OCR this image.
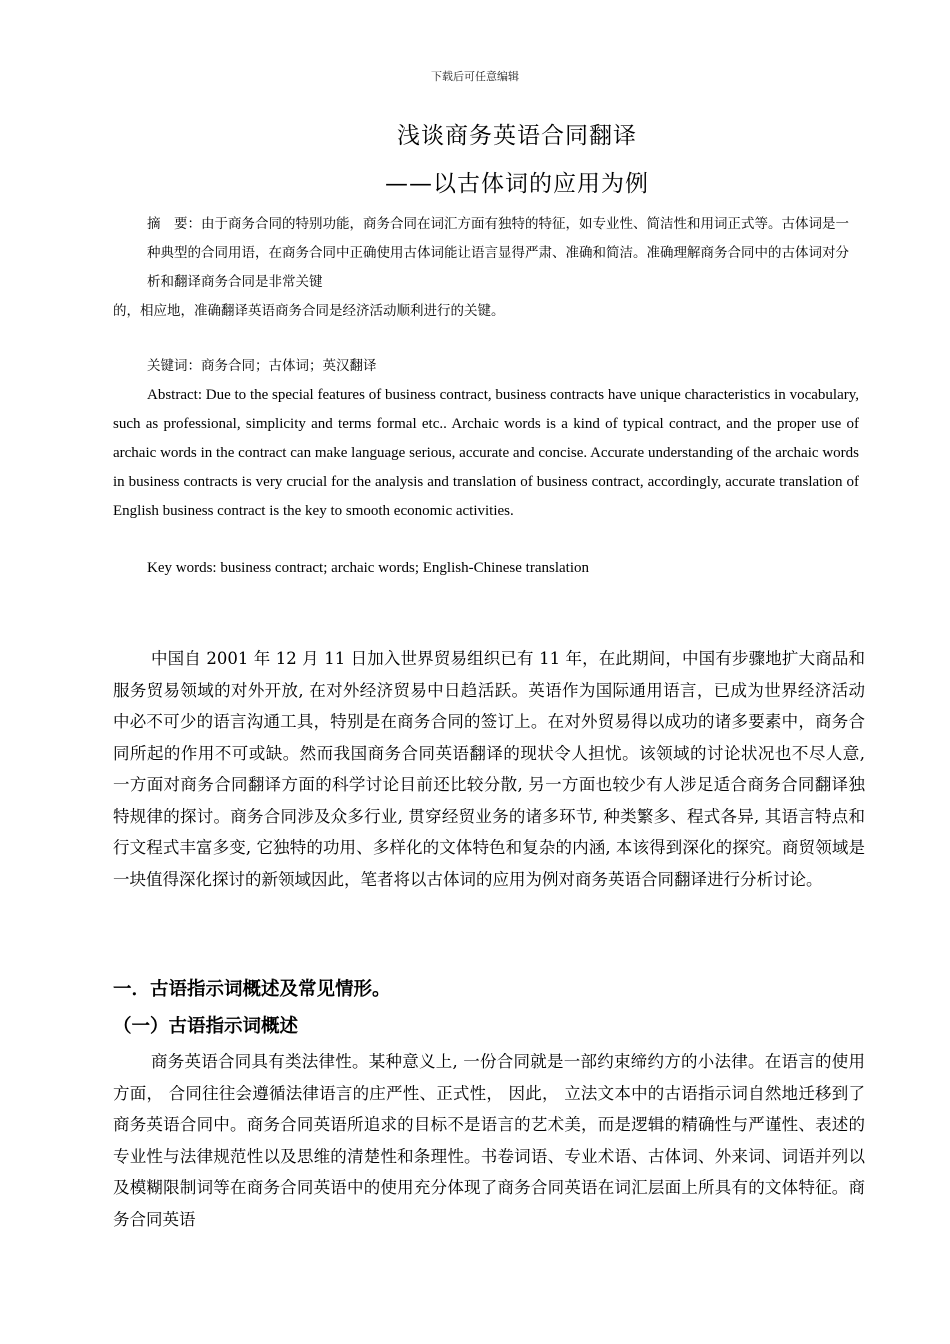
下载后可任意编辑
浅谈商务英语合同翻译
——以古体词的应用为例
摘　要：由于商务合同的特别功能，商务合同在词汇方面有独特的特征，如专业性、简洁性和用词正式等。古体词是一种典型的合同用语，在商务合同中正确使用古体词能让语言显得严肃、准确和简洁。准确理解商务合同中的古体词对分析和翻译商务合同是非常关键
的，相应地，准确翻译英语商务合同是经济活动顺利进行的关键。
关键词：商务合同；古体词；英汉翻译

Abstract: Due to the special features of business contract, business contracts have unique characteristics in vocabulary, such as professional, simplicity and terms formal etc.. Archaic words is a kind of typical contract, and the proper use of archaic words in the contract can make language serious, accurate and concise. Accurate understanding of the archaic words in business contracts is very crucial for the analysis and translation of business contract, accordingly, accurate translation of English business contract is the key to smooth economic activities.

Key words: business contract; archaic words; English-Chinese translation

中国自 2001 年 12 月 11 日加入世界贸易组织已有 11 年，在此期间，中国有步骤地扩大商品和服务贸易领域的对外开放, 在对外经济贸易中日趋活跃。英语作为国际通用语言，已成为世界经济活动中必不可少的语言沟通工具，特别是在商务合同的签订上。在对外贸易得以成功的诸多要素中，商务合同所起的作用不可或缺。然而我国商务合同英语翻译的现状令人担忧。该领域的讨论状况也不尽人意, 一方面对商务合同翻译方面的科学讨论目前还比较分散, 另一方面也较少有人涉足适合商务合同翻译独特规律的探讨。商务合同涉及众多行业, 贯穿经贸业务的诸多环节, 种类繁多、程式各异, 其语言特点和行文程式丰富多变, 它独特的功用、多样化的文体特色和复杂的内涵, 本该得到深化的探究。商贸领域是一块值得深化探讨的新领域因此，笔者将以古体词的应用为例对商务英语合同翻译进行分析讨论。

一．古语指示词概述及常见情形。
（一）古语指示词概述

商务英语合同具有类法律性。某种意义上, 一份合同就是一部约束缔约方的小法律。在语言的使用方面， 合同往往会遵循法律语言的庄严性、正式性， 因此， 立法文本中的古语指示词自然地迁移到了商务英语合同中。商务合同英语所追求的目标不是语言的艺术美，而是逻辑的精确性与严谨性、表述的专业性与法律规范性以及思维的清楚性和条理性。书卷词语、专业术语、古体词、外来词、词语并列以及模糊限制词等在商务合同英语中的使用充分体现了商务合同英语在词汇层面上所具有的文体特征。商务合同英语
